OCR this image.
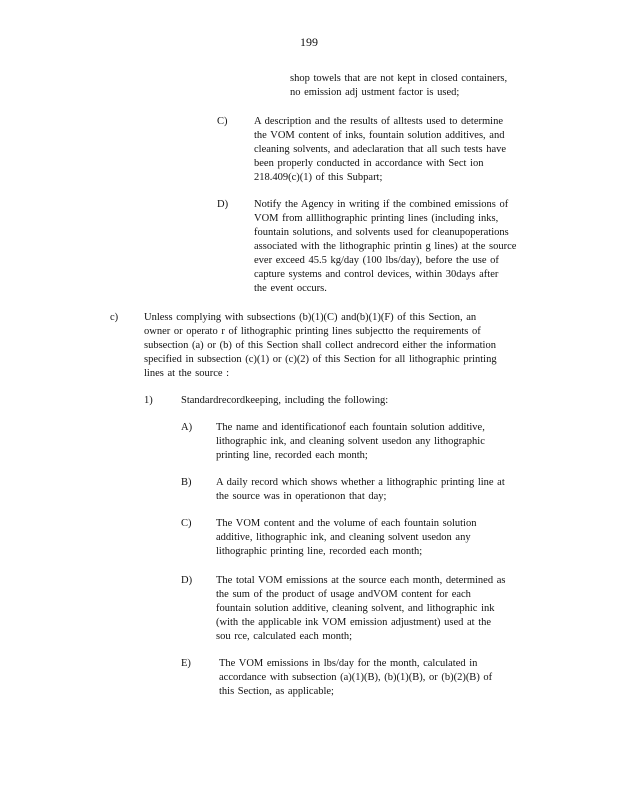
199
shop towels that are not kept in closed containers,
no emission adj ustment factor is used;
C)	A description and the results of alltests used to determine
the VOM content of inks, fountain solution additives, and
cleaning solvents, and adeclaration that all such tests have
been properly conducted in accordance with Sect ion
218.409(c)(1) of this Subpart;
D) Notify the Agency in writing if the combined emissions of
VOM from alllithographic printing lines (including inks,
fountain solutions, and solvents used for cleanupoperations
associated with the lithographic printin g lines) at the source
ever exceed 45.5 kg/day (100 lbs/day), before the use of
capture systems and control devices, within 30days after
the event occurs.
c) Unless complying with subsections (b)(1)(C) and(b)(1)(F) of this Section, an
owner or operato r of lithographic printing lines subjectto the requirements of
subsection (a) or (b) of this Section shall collect andrecord either the information
specified in subsection (c)(1) or (c)(2) of this Section for all lithographic printing
lines at the source :
1)	Standardrecordkeeping, including the following:
A) The name and identificationof each fountain solution additive,
lithographic ink, and cleaning solvent usedon any lithographic
printing line, recorded each month;
B) A daily record which shows whether a lithographic printing line at
the source was in operationon that day;
C) The VOM content and the volume of each fountain solution
additive, lithographic ink, and cleaning solvent usedon any
lithographic printing line, recorded each month;
D) The total VOM emissions at the source each month, determined as
the sum of the product of usage andVOM content for each
fountain solution additive, cleaning solvent, and lithographic ink
(with the applicable ink VOM emission adjustment) used at the
sou rce, calculated each month;
E)	The VOM emissions in lbs/day for the month, calculated in
accordance with subsection (a)(1)(B), (b)(1)(B), or (b)(2)(B) of
this Section, as applicable;
